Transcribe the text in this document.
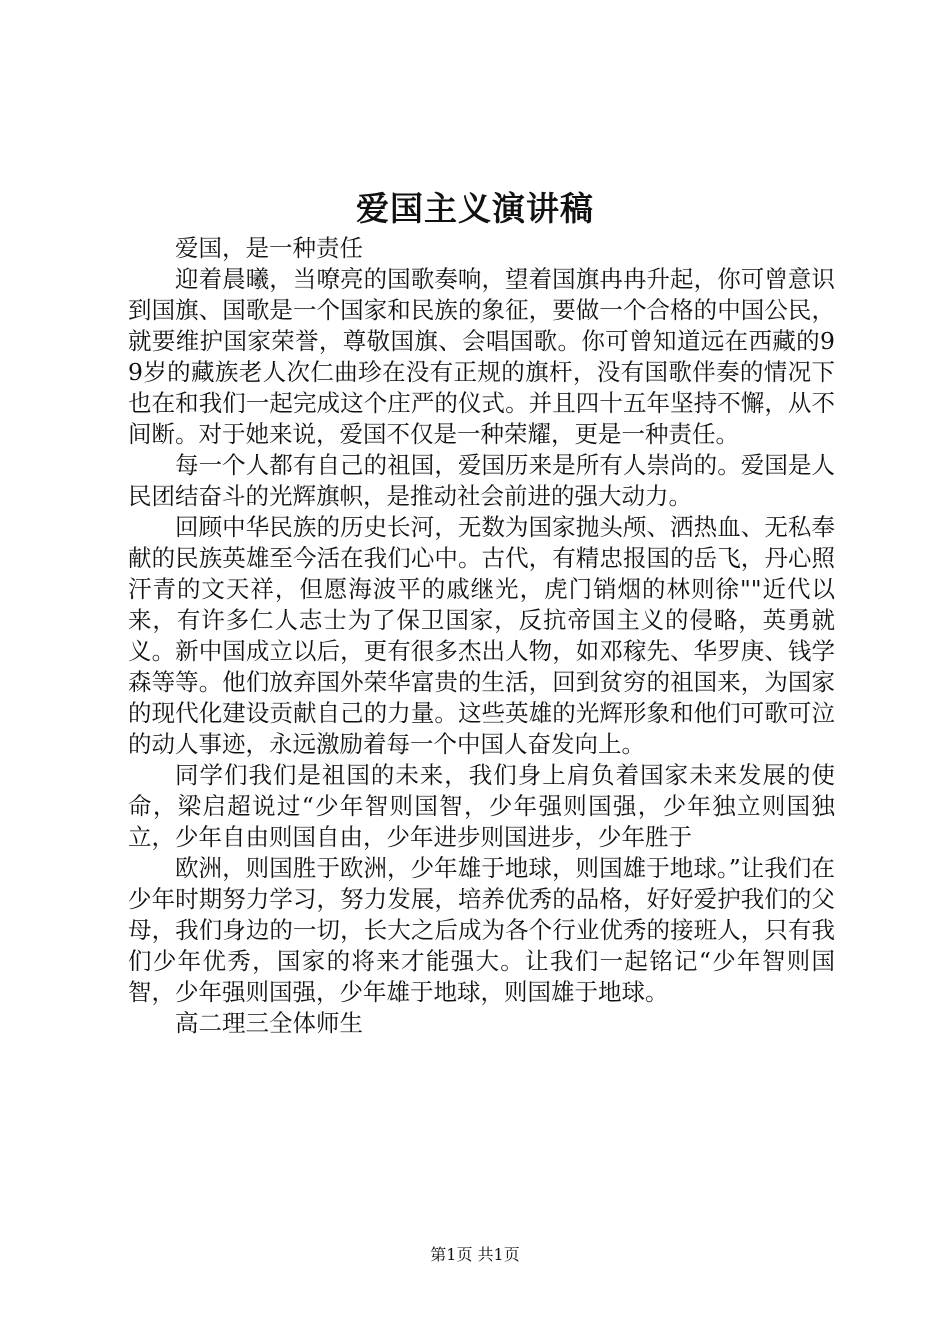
爱国主义演讲稿

爱国，是一种责任

迎着晨曦，当嘹亮的国歌奏响，望着国旗冉冉升起，你可曾意识到国旗、国歌是一个国家和民族的象征，要做一个合格的中国公民，就要维护国家荣誉，尊敬国旗、会唱国歌。你可曾知道远在西藏的99岁的藏族老人次仁曲珍在没有正规的旗杆，没有国歌伴奏的情况下也在和我们一起完成这个庄严的仪式。并且四十五年坚持不懈，从不间断。对于她来说，爱国不仅是一种荣耀，更是一种责任。

每一个人都有自己的祖国，爱国历来是所有人崇尚的。爱国是人民团结奋斗的光辉旗帜，是推动社会前进的强大动力。

回顾中华民族的历史长河，无数为国家抛头颅、洒热血、无私奉献的民族英雄至今活在我们心中。古代，有精忠报国的岳飞，丹心照汗青的文天祥，但愿海波平的戚继光，虎门销烟的林则徐""近代以来，有许多仁人志士为了保卫国家，反抗帝国主义的侵略，英勇就义。新中国成立以后，更有很多杰出人物，如邓稼先、华罗庚、钱学森等等。他们放弃国外荣华富贵的生活，回到贫穷的祖国来，为国家的现代化建设贡献自己的力量。这些英雄的光辉形象和他们可歌可泣的动人事迹，永远激励着每一个中国人奋发向上。

同学们我们是祖国的未来，我们身上肩负着国家未来发展的使命，梁启超说过“少年智则国智，少年强则国强，少年独立则国独立，少年自由则国自由，少年进步则国进步，少年胜于

欧洲，则国胜于欧洲，少年雄于地球，则国雄于地球。”让我们在少年时期努力学习，努力发展，培养优秀的品格，好好爱护我们的父母，我们身边的一切，长大之后成为各个行业优秀的接班人，只有我们少年优秀，国家的将来才能强大。让我们一起铭记“少年智则国智，少年强则国强，少年雄于地球，则国雄于地球。

高二理三全体师生

第1页 共1页
